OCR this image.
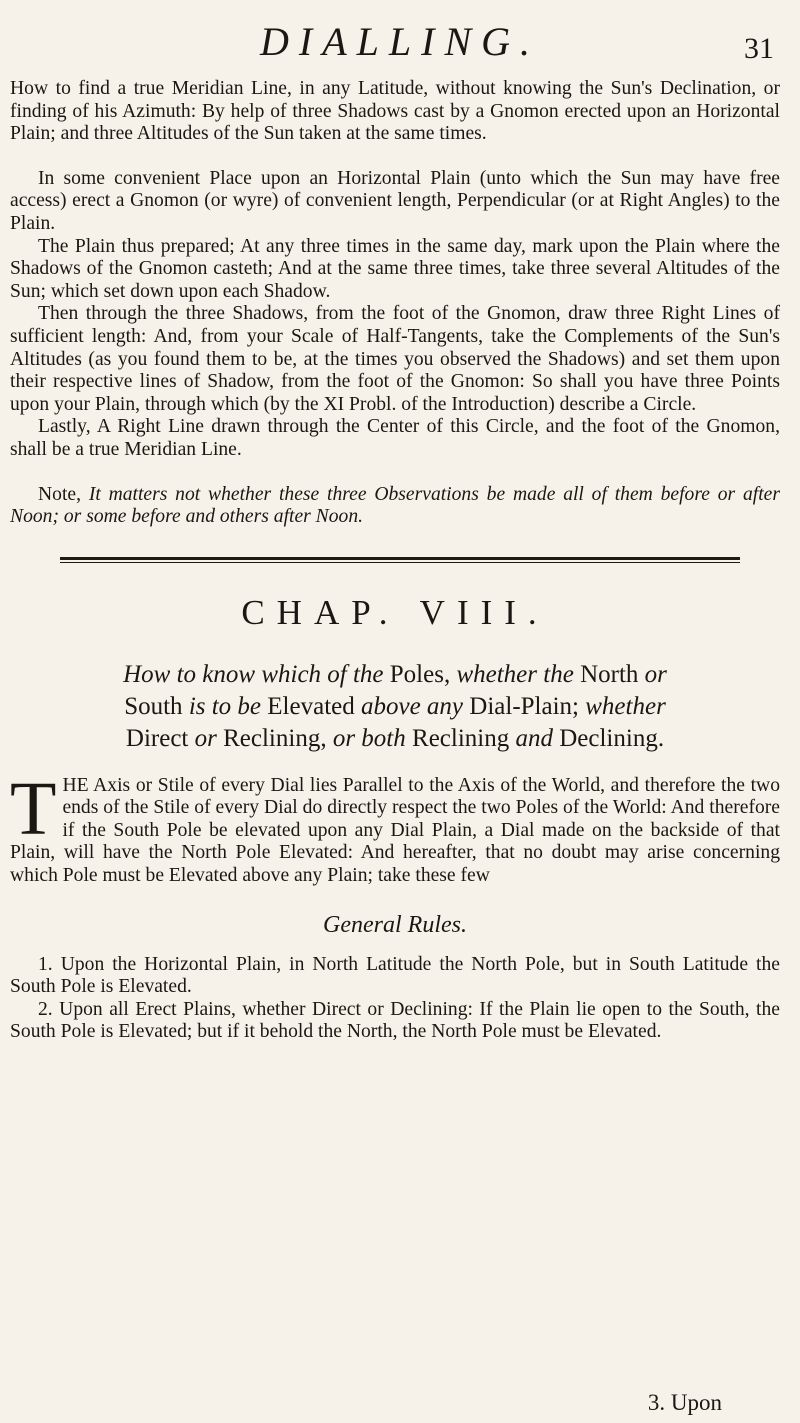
DIALLING.	31

How to find a true Meridian Line, in any Latitude, without knowing the Sun's Declination, or finding of his Azimuth: By help of three Shadows cast by a Gnomon erected upon an Horizontal Plain; and three Altitudes of the Sun taken at the same times.

In some convenient Place upon an Horizontal Plain (unto which the Sun may have free access) erect a Gnomon (or wyre) of convenient length, Perpendicular (or at Right Angles) to the Plain.

The Plain thus prepared; At any three times in the same day, mark upon the Plain where the Shadows of the Gnomon casteth; And at the same three times, take three several Altitudes of the Sun; which set down upon each Shadow.

Then through the three Shadows, from the foot of the Gnomon, draw three Right Lines of sufficient length: And, from your Scale of Half-Tangents, take the Complements of the Sun's Altitudes (as you found them to be, at the times you observed the Shadows) and set them upon their respective lines of Shadow, from the foot of the Gnomon: So shall you have three Points upon your Plain, through which (by the XI Probl. of the Introduction) describe a Circle.

Lastly, A Right Line drawn through the Center of this Circle, and the foot of the Gnomon, shall be a true Meridian Line.

Note, It matters not whether these three Observations be made all of them before or after Noon; or some before and others after Noon.

CHAP. VIII.
How to know which of the Poles, whether the North or
South is to be Elevated above any Dial-Plain; whether
Direct or Reclining, or both Reclining and Declining.
T HE Axis or Stile of every Dial lies Parallel to the Axis of the World, and therefore the two ends of the Stile of every Dial do directly respect the two Poles of the World: And therefore if the South Pole be elevated upon any Dial Plain, a Dial made on the backside of that Plain, will have the North Pole Elevated: And hereafter, that no doubt may arise concerning which Pole must be Elevated above any Plain; take these few

General Rules.

1. Upon the Horizontal Plain, in North Latitude the North Pole, but in South Latitude the South Pole is Elevated.

2. Upon all Erect Plains, whether Direct or Declining: If the Plain lie open to the South, the South Pole is Elevated; but if it behold the North, the North Pole must be Elevated.

3. Upon
